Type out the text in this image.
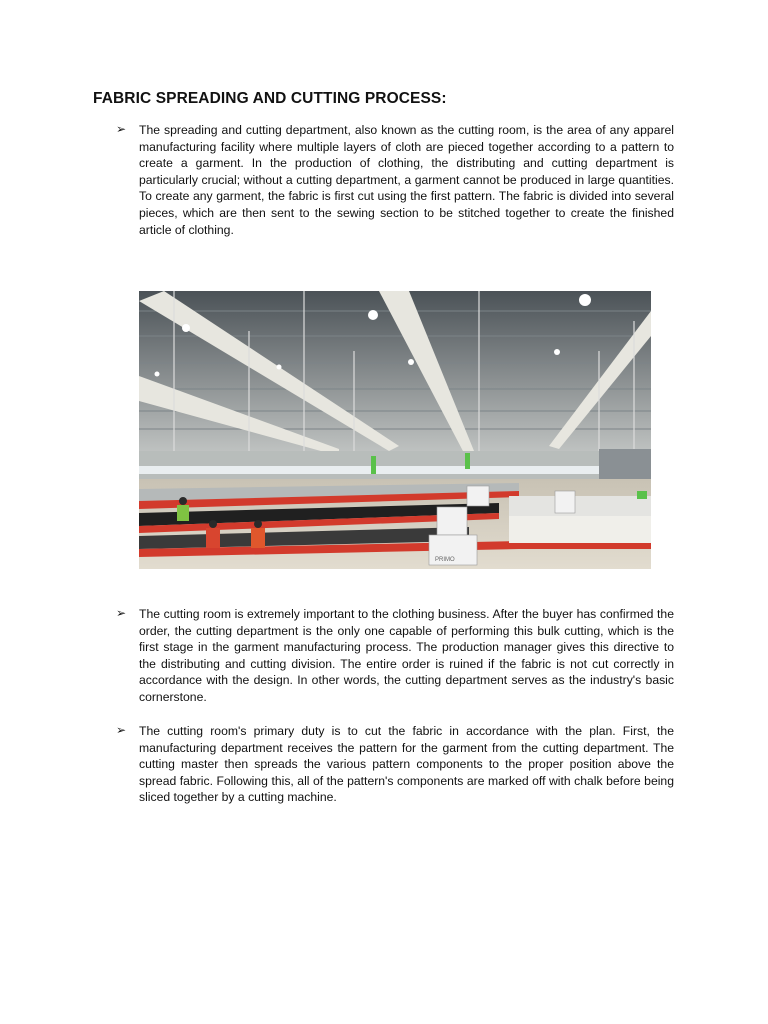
FABRIC SPREADING AND CUTTING PROCESS:
➢ The spreading and cutting department, also known as the cutting room, is the area of any apparel manufacturing facility where multiple layers of cloth are pieced together according to a pattern to create a garment. In the production of clothing, the distributing and cutting department is particularly crucial; without a cutting department, a garment cannot be produced in large quantities. To create any garment, the fabric is first cut using the first pattern. The fabric is divided into several pieces, which are then sent to the sewing section to be stitched together to create the finished article of clothing.

PRIMO
➢ The cutting room is extremely important to the clothing business. After the buyer has confirmed the order, the cutting department is the only one capable of performing this bulk cutting, which is the first stage in the garment manufacturing process. The production manager gives this directive to the distributing and cutting division. The entire order is ruined if the fabric is not cut correctly in accordance with the design. In other words, the cutting department serves as the industry's basic cornerstone.

➢ The cutting room's primary duty is to cut the fabric in accordance with the plan. First, the manufacturing department receives the pattern for the garment from the cutting department. The cutting master then spreads the various pattern components to the proper position above the spread fabric. Following this, all of the pattern's components are marked off with chalk before being sliced together by a cutting machine.
